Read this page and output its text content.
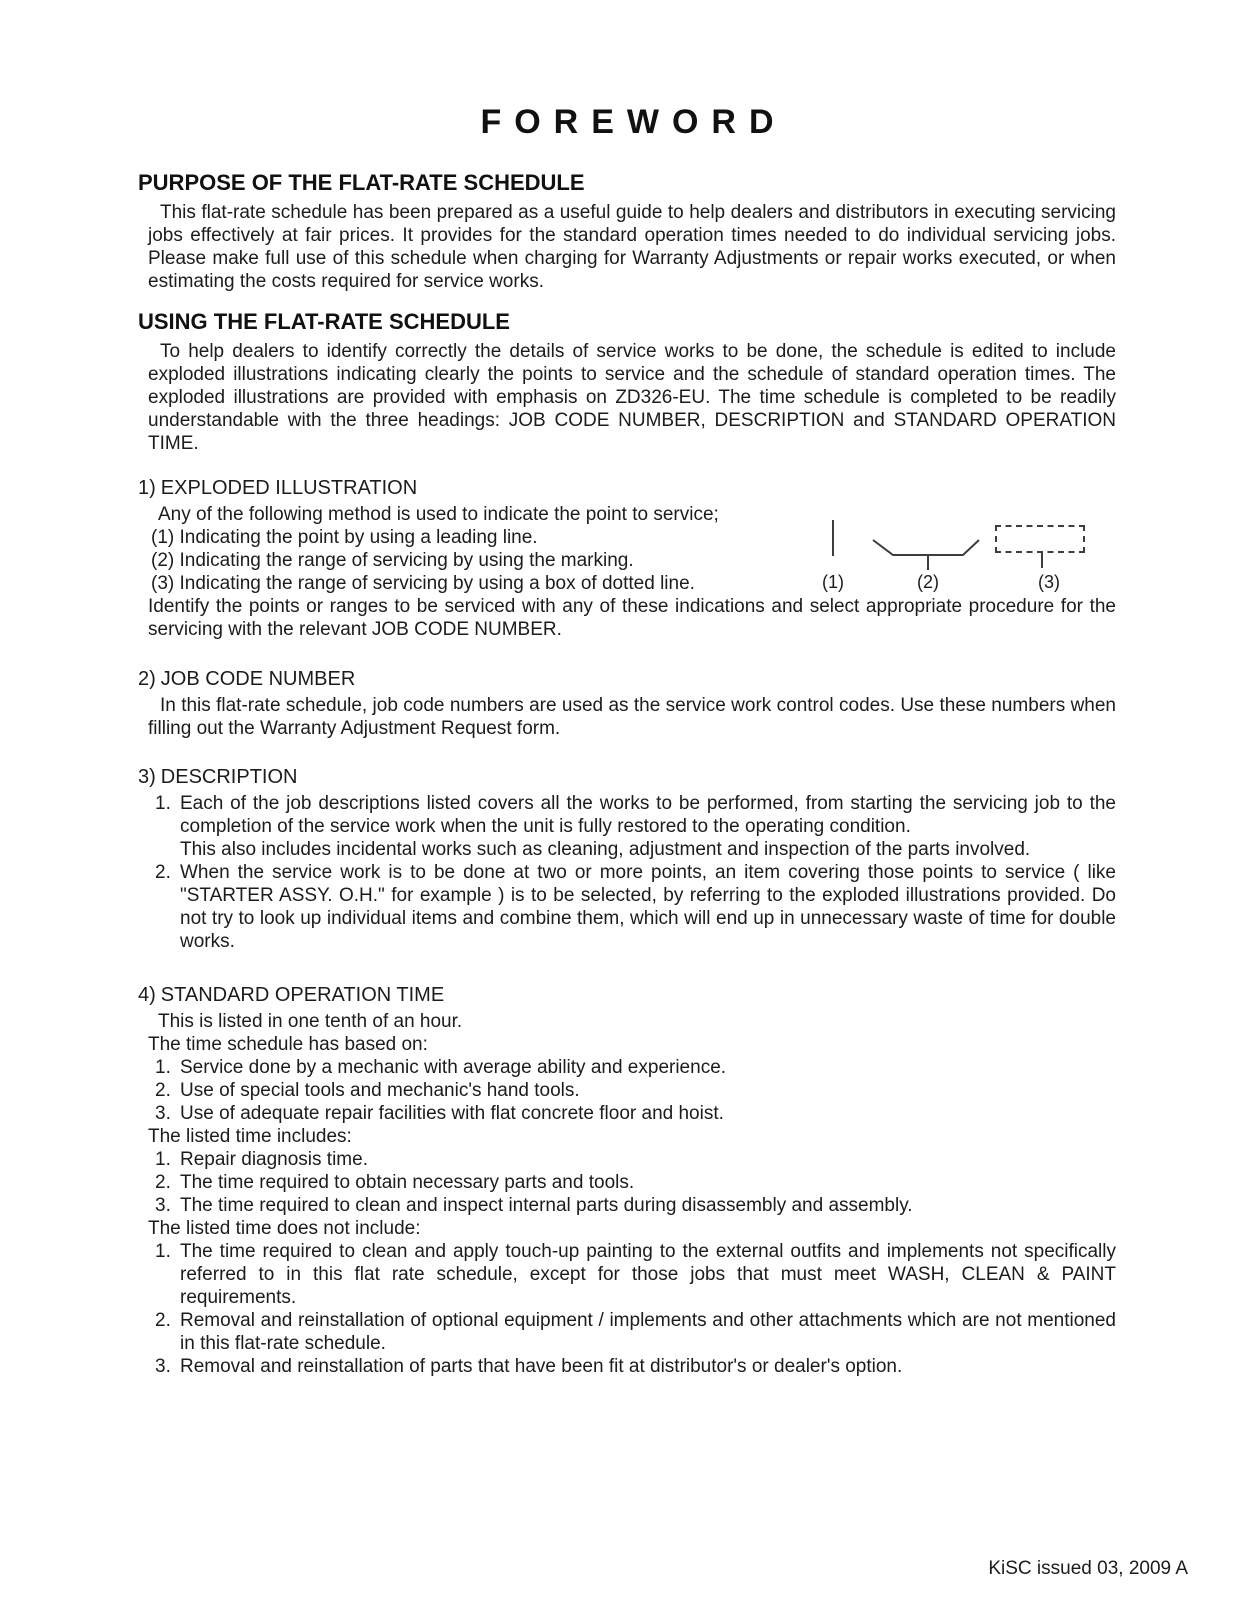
FOREWORD
PURPOSE OF THE FLAT-RATE SCHEDULE
This flat-rate schedule has been prepared as a useful guide to help dealers and distributors in executing servicing jobs effectively at fair prices. It provides for the standard operation times needed to do individual servicing jobs. Please make full use of this schedule when charging for Warranty Adjustments or repair works executed, or when estimating the costs required for service works.
USING THE FLAT-RATE SCHEDULE
To help dealers to identify correctly the details of service works to be done, the schedule is edited to include exploded illustrations indicating clearly the points to service and the schedule of standard operation times. The exploded illustrations are provided with emphasis on ZD326-EU. The time schedule is completed to be readily understandable with the three headings: JOB CODE NUMBER, DESCRIPTION and STANDARD OPERATION TIME.
1) EXPLODED ILLUSTRATION
Any of the following method is used to indicate the point to service;
(1) Indicating the point by using a leading line.
(2) Indicating the range of servicing by using the marking.
(3) Indicating the range of servicing by using a box of dotted line.
Identify the points or ranges to be serviced with any of these indications and select appropriate procedure for the servicing with the relevant JOB CODE NUMBER.
(1)	(2)	(3)
2) JOB CODE NUMBER
In this flat-rate schedule, job code numbers are used as the service work control codes. Use these numbers when filling out the Warranty Adjustment Request form.
3) DESCRIPTION
1. Each of the job descriptions listed covers all the works to be performed, from starting the servicing job to the completion of the service work when the unit is fully restored to the operating condition.
This also includes incidental works such as cleaning, adjustment and inspection of the parts involved.
2. When the service work is to be done at two or more points, an item covering those points to service ( like "STARTER ASSY. O.H." for example ) is to be selected, by referring to the exploded illustrations provided. Do not try to look up individual items and combine them, which will end up in unnecessary waste of time for double works.
4) STANDARD OPERATION TIME
This is listed in one tenth of an hour.
The time schedule has based on:
1. Service done by a mechanic with average ability and experience.
2. Use of special tools and mechanic's hand tools.
3. Use of adequate repair facilities with flat concrete floor and hoist.
The listed time includes:
1. Repair diagnosis time.
2. The time required to obtain necessary parts and tools.
3. The time required to clean and inspect internal parts during disassembly and assembly.
The listed time does not include:
1. The time required to clean and apply touch-up painting to the external outfits and implements not specifically referred to in this flat rate schedule, except for those jobs that must meet WASH, CLEAN & PAINT requirements.
2. Removal and reinstallation of optional equipment / implements and other attachments which are not mentioned in this flat-rate schedule.
3. Removal and reinstallation of parts that have been fit at distributor's or dealer's option.
KiSC issued 03, 2009 A
